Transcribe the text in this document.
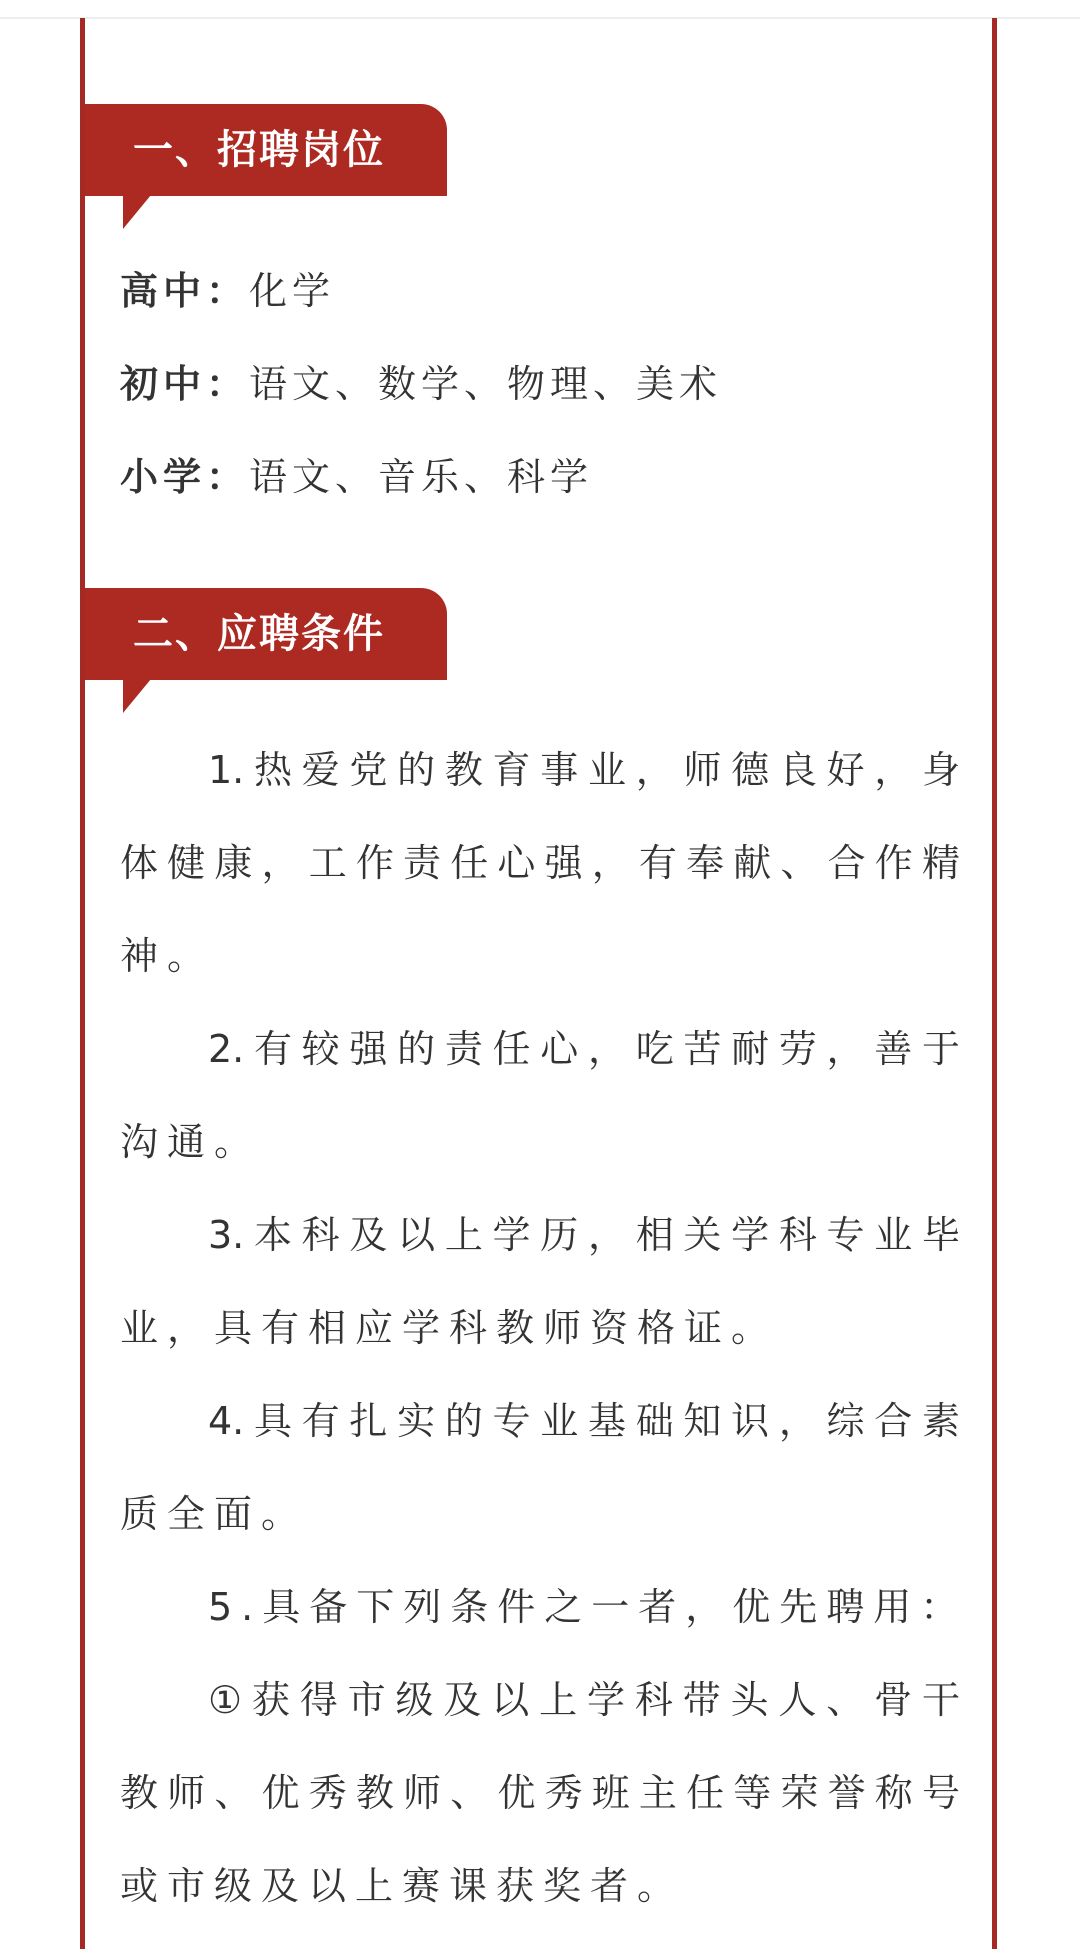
一、招聘岗位
高中：化学
初中：语文、数学、物理、美术
小学：语文、音乐、科学
二、应聘条件
1.热爱党的教育事业，师德良好，身
体健康，工作责任心强，有奉献、合作精
神。
2.有较强的责任心，吃苦耐劳，善于
沟通。
3.本科及以上学历，相关学科专业毕
业，具有相应学科教师资格证。
4.具有扎实的专业基础知识，综合素
质全面。
5.具备下列条件之一者，优先聘用：
①获得市级及以上学科带头人、骨干
教师、优秀教师、优秀班主任等荣誉称号
或市级及以上赛课获奖者。
